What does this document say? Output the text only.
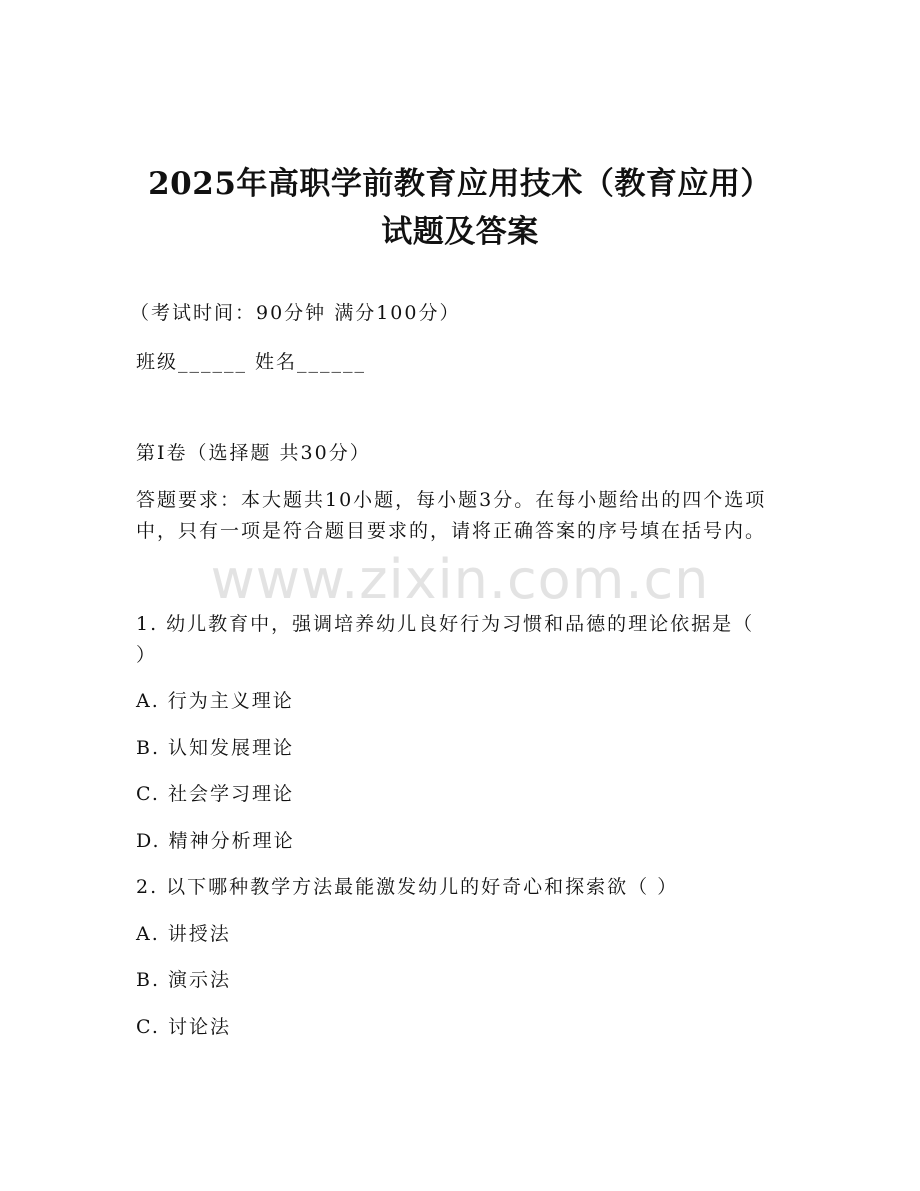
2025年高职学前教育应用技术（教育应用）
试题及答案
（考试时间：90分钟 满分100分）
班级______ 姓名______
第I卷（选择题 共30分）
答题要求：本大题共10小题，每小题3分。在每小题给出的四个选项
中，只有一项是符合题目要求的，请将正确答案的序号填在括号内。
www.zixin.com.cn
1. 幼儿教育中，强调培养幼儿良好行为习惯和品德的理论依据是（
）
A. 行为主义理论
B. 认知发展理论
C. 社会学习理论
D. 精神分析理论
2. 以下哪种教学方法最能激发幼儿的好奇心和探索欲（ ）
A. 讲授法
B. 演示法
C. 讨论法
